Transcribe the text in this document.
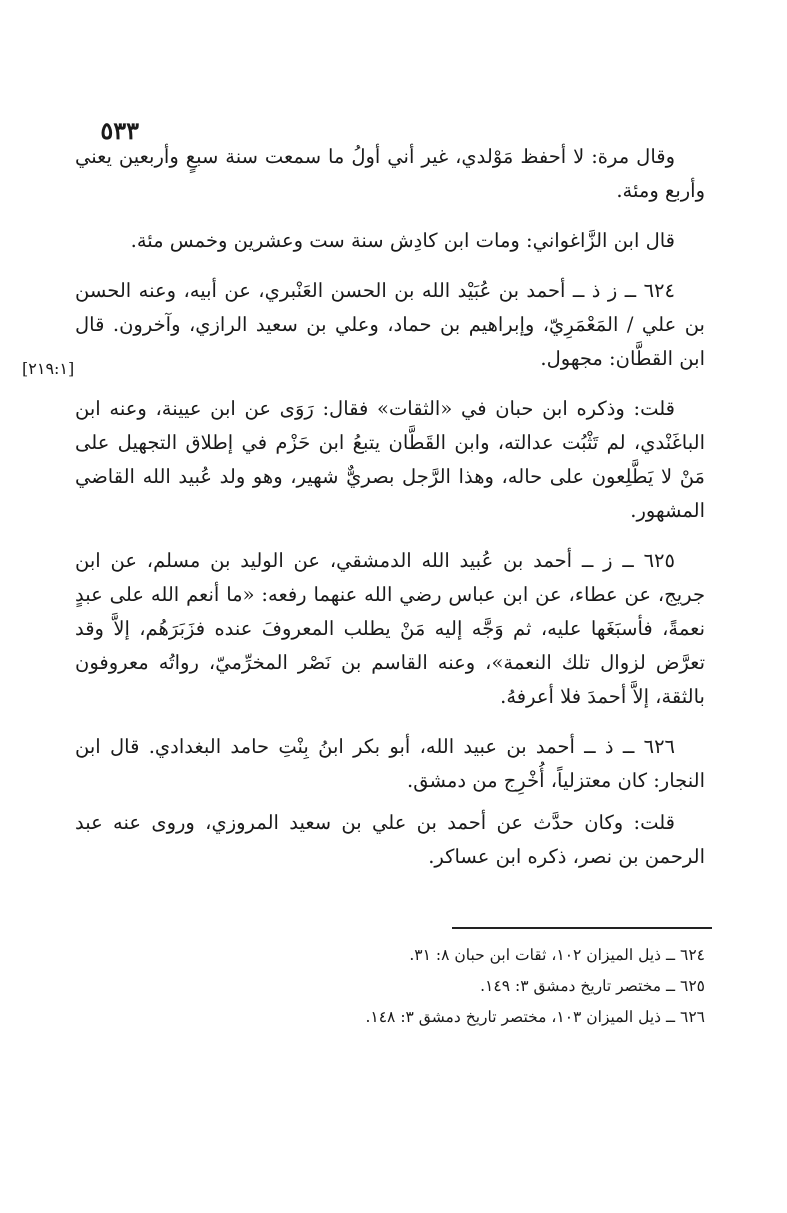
٥٣٣

وقال مرة: لا أحفظ مَوْلدي، غير أني أولُ ما سمعت سنة سبعٍ وأربعين يعني وأربع ومئة.

قال ابن الزَّاغواني: ومات ابن كادِش سنة ست وعشرين وخمس مئة.

٦٢٤ ــ ز ذ ــ أحمد بن عُبَيْد الله بن الحسن العَنْبري، عن أبيه، وعنه الحسن بن علي / المَعْمَرِيّ، وإبراهيم بن حماد، وعلي بن سعيد الرازي، وآخرون. قال ابن القطَّان: مجهول.

قلت: وذكره ابن حبان في «الثقات» فقال: رَوَى عن ابن عيينة، وعنه ابن الباغَنْدي، لم تَثْبُت عدالته، وابن القَطَّان يتبعُ ابن حَزْم في إطلاق التجهيل على مَنْ لا يَطَّلِعون على حاله، وهذا الرَّجل بصريٌّ شهير، وهو ولد عُبيد الله القاضي المشهور.

٦٢٥ ــ ز ــ أحمد بن عُبيد الله الدمشقي، عن الوليد بن مسلم، عن ابن جريج، عن عطاء، عن ابن عباس رضي الله عنهما رفعه: «ما أنعم الله على عبدٍ نعمةً، فأسبَغَها عليه، ثم وَجَّه إليه مَنْ يطلب المعروفَ عنده فزَبَرَهُم، إلاَّ وقد تعرَّض لزوال تلك النعمة»، وعنه القاسم بن نَصْر المخرِّميّ، رواتُه معروفون بالثقة، إلاَّ أحمدَ فلا أعرفهُ.

٦٢٦ ــ ذ ــ أحمد بن عبيد الله، أبو بكر ابنُ بِنْتِ حامد البغدادي. قال ابن النجار: كان معتزلياً، أُخْرِج من دمشق.

قلت: وكان حدَّث عن أحمد بن علي بن سعيد المروزي، وروى عنه عبد الرحمن بن نصر، ذكره ابن عساكر.

[٢١٩:١]

٦٢٤ ــ ذيل الميزان ١٠٢، ثقات ابن حبان ٨: ٣١.

٦٢٥ ــ مختصر تاريخ دمشق ٣: ١٤٩.

٦٢٦ ــ ذيل الميزان ١٠٣، مختصر تاريخ دمشق ٣: ١٤٨.
